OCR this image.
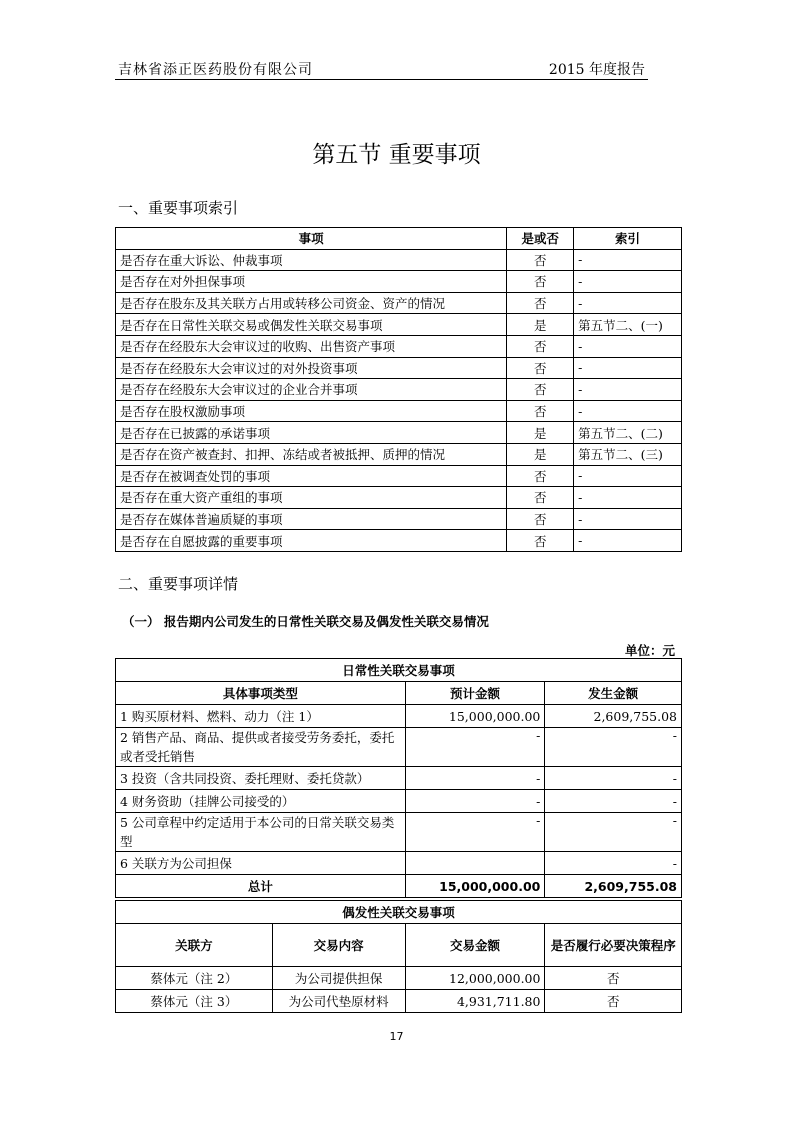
吉林省添正医药股份有限公司	2015 年度报告
第五节 重要事项
一、重要事项索引
事项	是或否	索引
是否存在重大诉讼、仲裁事项	否	-
是否存在对外担保事项	否	-
是否存在股东及其关联方占用或转移公司资金、资产的情况	否	-
是否存在日常性关联交易或偶发性关联交易事项	是	第五节二、(一)
是否存在经股东大会审议过的收购、出售资产事项	否	-
是否存在经股东大会审议过的对外投资事项	否	-
是否存在经股东大会审议过的企业合并事项	否	-
是否存在股权激励事项	否	-
是否存在已披露的承诺事项	是	第五节二、(二)
是否存在资产被查封、扣押、冻结或者被抵押、质押的情况	是	第五节二、(三)
是否存在被调查处罚的事项	否	-
是否存在重大资产重组的事项	否	-
是否存在媒体普遍质疑的事项	否	-
是否存在自愿披露的重要事项	否	-
二、重要事项详情
（一） 报告期内公司发生的日常性关联交易及偶发性关联交易情况
单位：元
日常性关联交易事项		
具体事项类型	预计金额	发生金额
1 购买原材料、燃料、动力（注 1）	15,000,000.00	2,609,755.08
2 销售产品、商品、提供或者接受劳务委托，委托或者受托销售	-	-
3 投资（含共同投资、委托理财、委托贷款）	-	-
4 财务资助（挂牌公司接受的）	-	-
5 公司章程中约定适用于本公司的日常关联交易类型	-	-
6 关联方为公司担保		-
总计	15,000,000.00	2,609,755.08
偶发性关联交易事项			
关联方	交易内容	交易金额	是否履行必要决策程序
蔡体元（注 2）	为公司提供担保	12,000,000.00	否
蔡体元（注 3）	为公司代垫原材料	4,931,711.80	否
17
